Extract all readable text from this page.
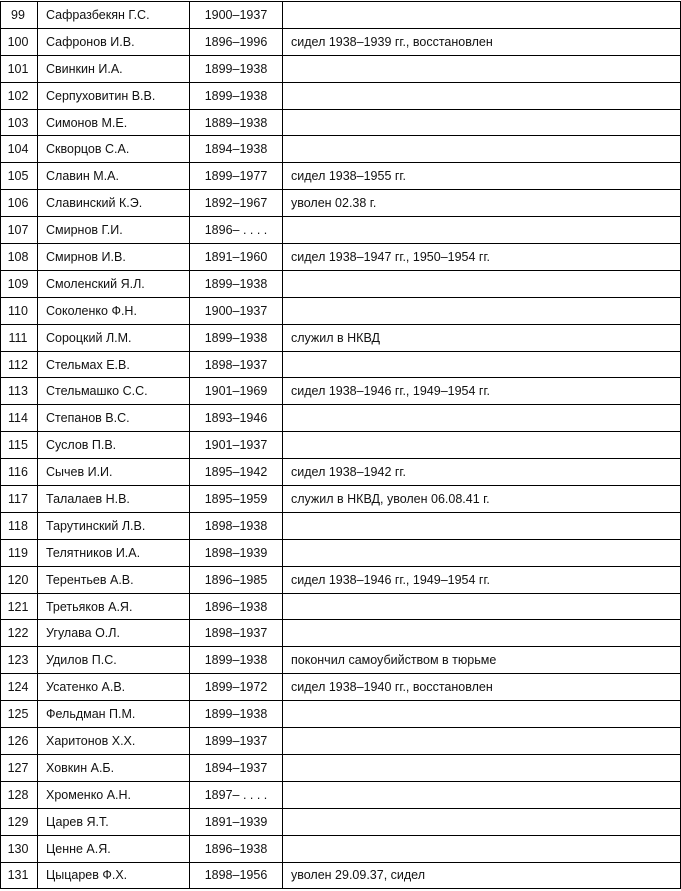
99	Сафразбекян Г.С.	1900–1937	
100	Сафронов И.В.	1896–1996	сидел 1938–1939 гг., восстановлен
101	Свинкин И.А.	1899–1938	
102	Серпуховитин В.В.	1899–1938	
103	Симонов М.Е.	1889–1938	
104	Скворцов С.А.	1894–1938	
105	Славин М.А.	1899–1977	сидел 1938–1955 гг.
106	Славинский К.Э.	1892–1967	уволен 02.38 г.
107	Смирнов Г.И.	1896– . . . .	
108	Смирнов И.В.	1891–1960	сидел 1938–1947 гг., 1950–1954 гг.
109	Смоленский Я.Л.	1899–1938	
110	Соколенко Ф.Н.	1900–1937	
111	Сороцкий Л.М.	1899–1938	служил в НКВД
112	Стельмах Е.В.	1898–1937	
113	Стельмашко С.С.	1901–1969	сидел 1938–1946 гг., 1949–1954 гг.
114	Степанов В.С.	1893–1946	
115	Суслов П.В.	1901–1937	
116	Сычев И.И.	1895–1942	сидел 1938–1942 гг.
117	Талалаев Н.В.	1895–1959	служил в НКВД, уволен 06.08.41 г.
118	Тарутинский Л.В.	1898–1938	
119	Телятников И.А.	1898–1939	
120	Терентьев А.В.	1896–1985	сидел 1938–1946 гг., 1949–1954 гг.
121	Третьяков А.Я.	1896–1938	
122	Угулава О.Л.	1898–1937	
123	Удилов П.С.	1899–1938	покончил самоубийством в тюрьме
124	Усатенко А.В.	1899–1972	сидел 1938–1940 гг., восстановлен
125	Фельдман П.М.	1899–1938	
126	Харитонов Х.Х.	1899–1937	
127	Ховкин А.Б.	1894–1937	
128	Хроменко А.Н.	1897– . . . .	
129	Царев Я.Т.	1891–1939	
130	Ценне А.Я.	1896–1938	
131	Цыцарев Ф.Х.	1898–1956	уволен 29.09.37, сидел
